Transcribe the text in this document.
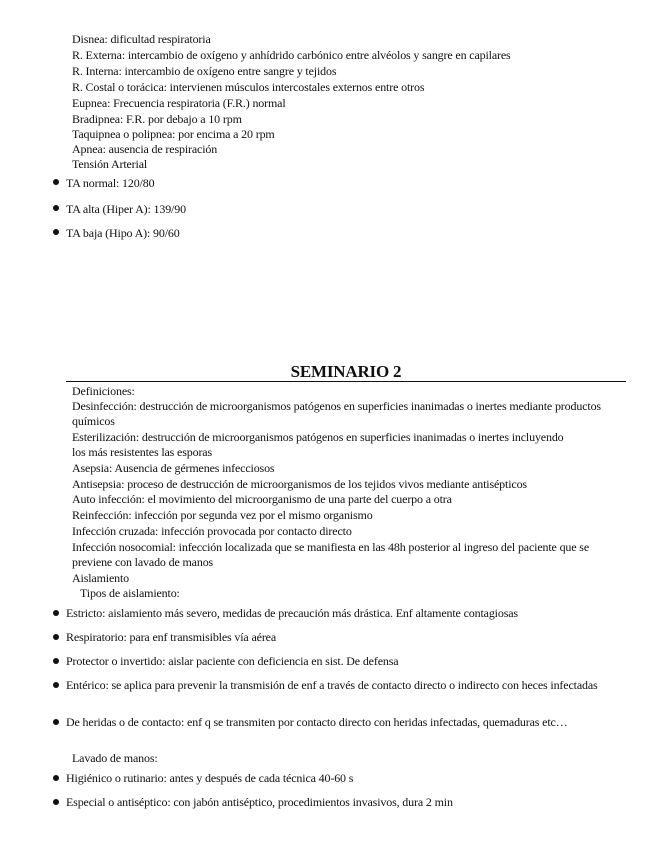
Disnea: dificultad respiratoria
R. Externa: intercambio de oxígeno y anhídrido carbónico entre alvéolos y sangre en capilares
R. Interna: intercambio de oxígeno entre sangre y tejidos
R. Costal o torácica: intervienen músculos intercostales externos entre otros
Eupnea: Frecuencia respiratoria (F.R.) normal
Bradipnea: F.R. por debajo a 10 rpm
Taquipnea o polipnea: por encima a 20 rpm
Apnea: ausencia de respiración
Tensión Arterial
TA normal: 120/80
TA alta (Hiper A): 139/90
TA baja (Hipo A): 90/60
SEMINARIO 2
Definiciones:
Desinfección: destrucción de microorganismos patógenos en superficies inanimadas o inertes mediante productos químicos
Esterilización: destrucción de microorganismos patógenos en superficies inanimadas o inertes incluyendo los más resistentes las esporas
Asepsia: Ausencia de gérmenes infecciosos
Antisepsia: proceso de destrucción de microorganismos de los tejidos vivos mediante antisépticos
Auto infección: el movimiento del microorganismo de una parte del cuerpo a otra
Reinfección: infección por segunda vez por el mismo organismo
Infección cruzada: infección provocada por contacto directo
Infección nosocomial: infección localizada que se manifiesta en las 48h posterior al ingreso del paciente que se previene con lavado de manos
Aislamiento
Tipos de aislamiento:
Estricto: aislamiento más severo, medidas de precaución más drástica. Enf altamente contagiosas
Respiratorio: para enf transmisibles vía aérea
Protector o invertido: aislar paciente con deficiencia en sist. De defensa
Entérico: se aplica para prevenir la transmisión de enf a través de contacto directo o indirecto con heces infectadas
De heridas o de contacto: enf q se transmiten por contacto directo con heridas infectadas, quemaduras etc…
Lavado de manos:
Higiénico o rutinario: antes y después de cada técnica 40-60 s
Especial o antiséptico: con jabón antiséptico, procedimientos invasivos, dura 2 min
